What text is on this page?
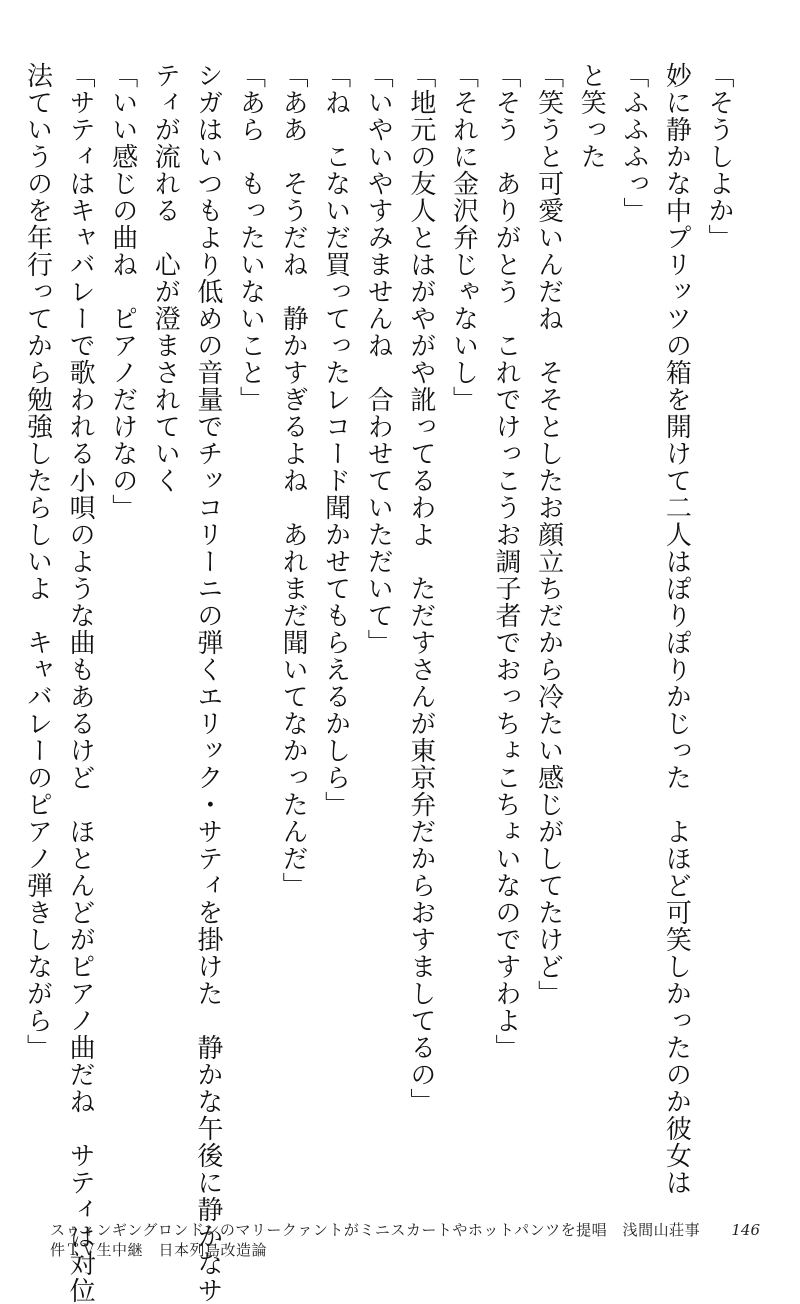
「そうしよか」
妙に静かな中プリッツの箱を開けて二人はぽりぽりかじった　よほど可笑しかったのか彼女は
「ふふふっ」
と笑った
「笑うと可愛いんだね　そそとしたお顔立ちだから冷たい感じがしてたけど」
「そう　ありがとう　これでけっこうお調子者でおっちょこちょいなのですわよ」
「それに金沢弁じゃないし」
「地元の友人とはがやがや訛ってるわよ　ただすさんが東京弁だからおすましてるの」
「いやいやすみませんね　合わせていただいて」
「ね　こないだ買ってったレコード聞かせてもらえるかしら」
「ああ　そうだね　静かすぎるよね　あれまだ聞いてなかったんだ」
「あら　もったいないこと」
シガはいつもより低めの音量でチッコリーニの弾くエリック・サティを掛けた　静かな午後に静かなサ
ティが流れる　心が澄まされていく
「いい感じの曲ね　ピアノだけなの」
「サティはキャバレーで歌われる小唄のような曲もあるけど　ほとんどがピアノ曲だね　サティは対位
法ていうのを年行ってから勉強したらしいよ　キャバレーのピアノ弾きしながら」
スゥィンギングロンドンのマリークァントがミニスカートやホットパンツを提唱　浅間山荘事件ＴＶ生中継　日本列島改造論
146
